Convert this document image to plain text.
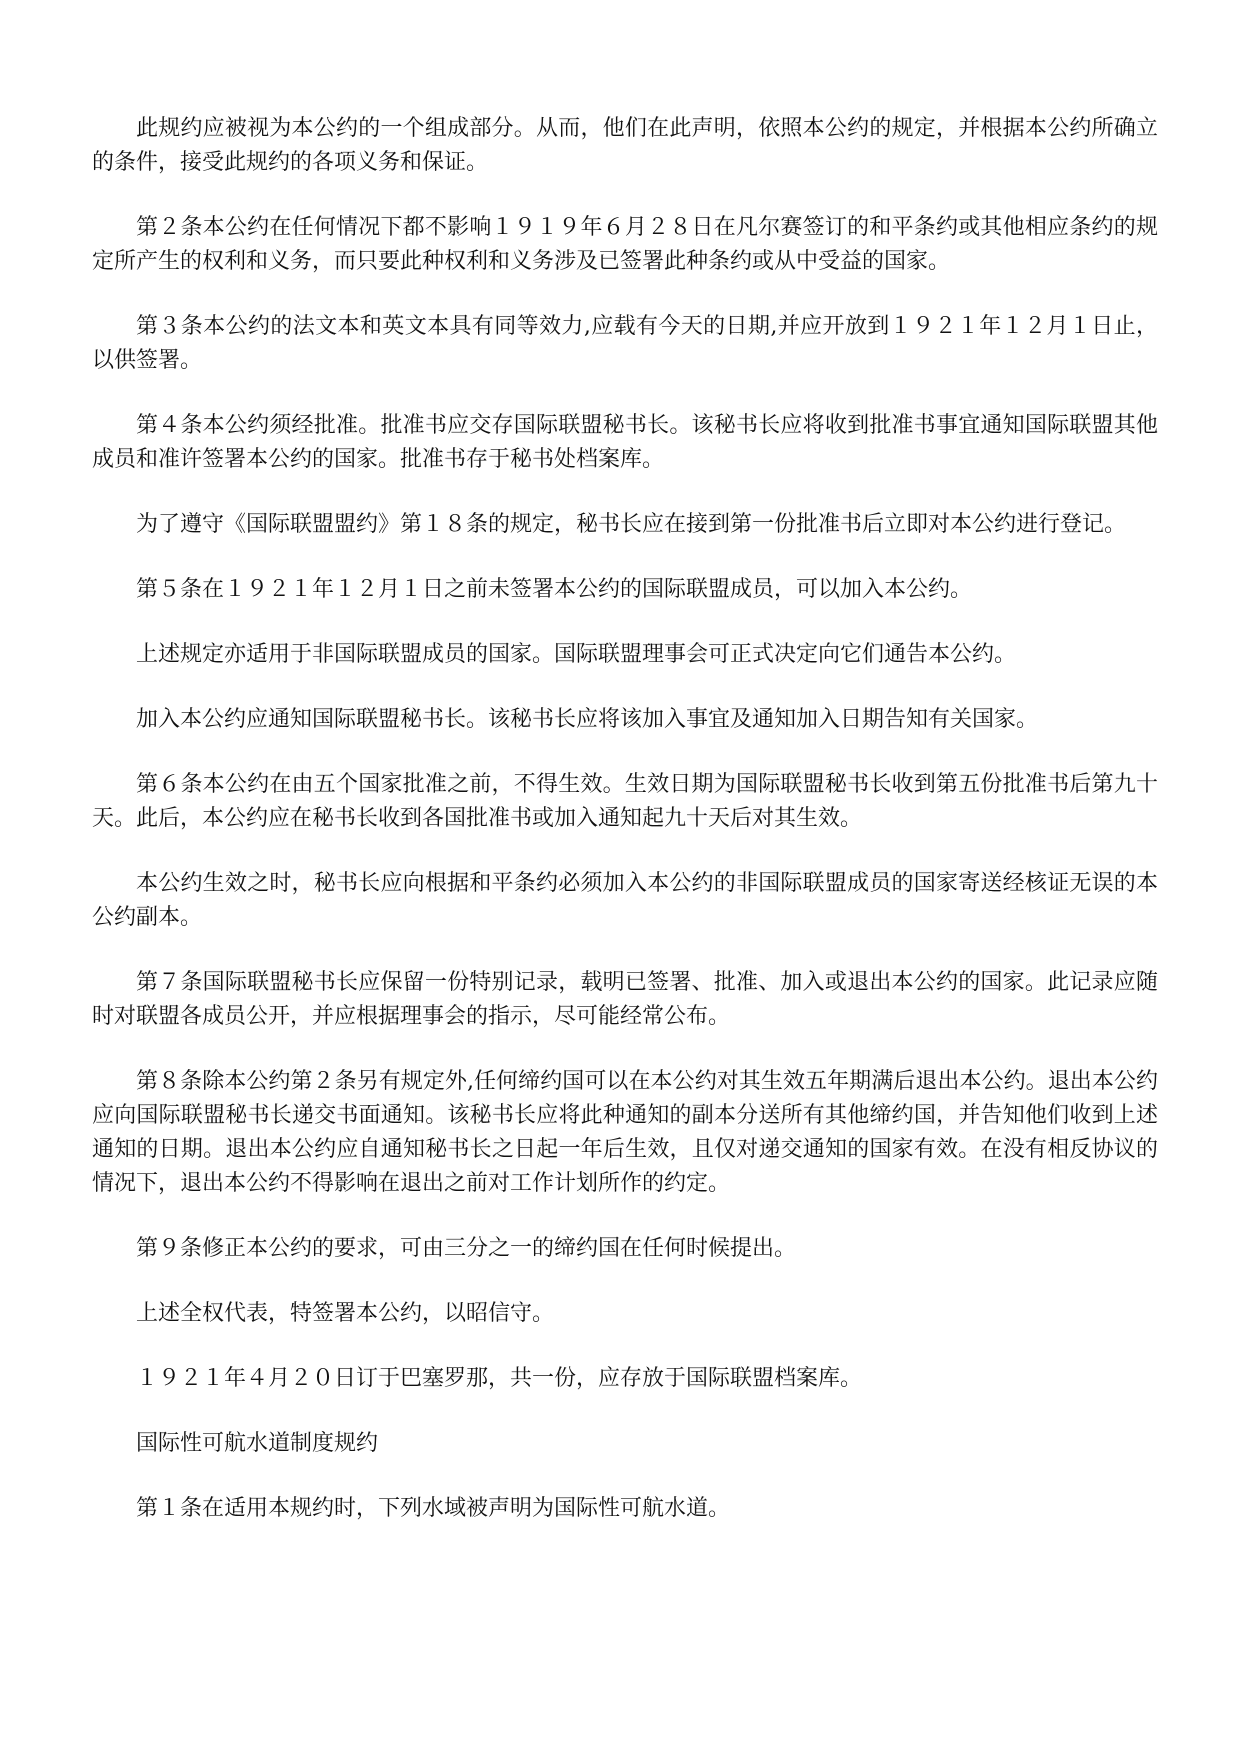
此规约应被视为本公约的一个组成部分。从而，他们在此声明，依照本公约的规定，并根据本公约所确立的条件，接受此规约的各项义务和保证。

第２条本公约在任何情况下都不影响１９１９年６月２８日在凡尔赛签订的和平条约或其他相应条约的规定所产生的权利和义务，而只要此种权利和义务涉及已签署此种条约或从中受益的国家。

第３条本公约的法文本和英文本具有同等效力,应载有今天的日期,并应开放到１９２１年１２月１日止，以供签署。

第４条本公约须经批准。批准书应交存国际联盟秘书长。该秘书长应将收到批准书事宜通知国际联盟其他成员和准许签署本公约的国家。批准书存于秘书处档案库。

为了遵守《国际联盟盟约》第１８条的规定，秘书长应在接到第一份批准书后立即对本公约进行登记。

第５条在１９２１年１２月１日之前未签署本公约的国际联盟成员，可以加入本公约。

上述规定亦适用于非国际联盟成员的国家。国际联盟理事会可正式决定向它们通告本公约。

加入本公约应通知国际联盟秘书长。该秘书长应将该加入事宜及通知加入日期告知有关国家。

第６条本公约在由五个国家批准之前，不得生效。生效日期为国际联盟秘书长收到第五份批准书后第九十天。此后，本公约应在秘书长收到各国批准书或加入通知起九十天后对其生效。

本公约生效之时，秘书长应向根据和平条约必须加入本公约的非国际联盟成员的国家寄送经核证无误的本公约副本。

第７条国际联盟秘书长应保留一份特别记录，载明已签署、批准、加入或退出本公约的国家。此记录应随时对联盟各成员公开，并应根据理事会的指示，尽可能经常公布。

第８条除本公约第２条另有规定外,任何缔约国可以在本公约对其生效五年期满后退出本公约。退出本公约应向国际联盟秘书长递交书面通知。该秘书长应将此种通知的副本分送所有其他缔约国，并告知他们收到上述通知的日期。退出本公约应自通知秘书长之日起一年后生效，且仅对递交通知的国家有效。在没有相反协议的情况下，退出本公约不得影响在退出之前对工作计划所作的约定。

第９条修正本公约的要求，可由三分之一的缔约国在任何时候提出。

上述全权代表，特签署本公约，以昭信守。

１９２１年４月２０日订于巴塞罗那，共一份，应存放于国际联盟档案库。

国际性可航水道制度规约

第１条在适用本规约时，下列水域被声明为国际性可航水道。
